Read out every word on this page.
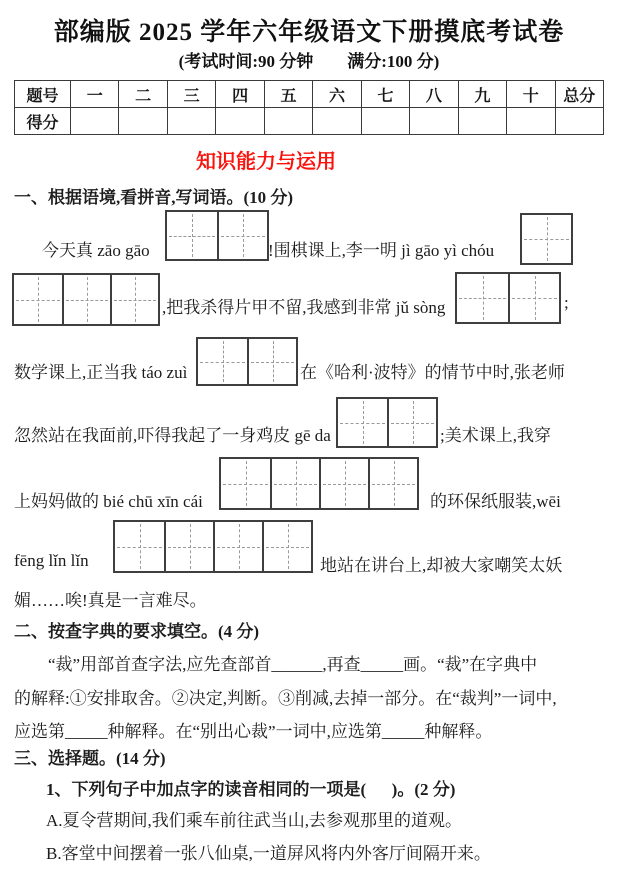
部编版 2025 学年六年级语文下册摸底考试卷
(考试时间:90 分钟　　满分:100 分)
题号	一	二	三	四	五	六	七	八	九	十	总分
得分											
知识能力与运用
一、根据语境,看拼音,写词语。(10 分)
今天真 zāo gāo	!围棋课上,李一明 jì gāo yì chóu
,把我杀得片甲不留,我感到非常 jǔ sòng	;
数学课上,正当我 táo zuì	在《哈利·波特》的情节中时,张老师
忽然站在我面前,吓得我起了一身鸡皮 gē da	;美术课上,我穿
上妈妈做的 bié chū xīn cái	的环保纸服装,wēi
fēng lǐn lǐn	地站在讲台上,却被大家嘲笑太妖
媚……唉!真是一言难尽。
二、按查字典的要求填空。(4 分)
“裁”用部首查字法,应先查部首______,再查_____画。“裁”在字典中
的解释:①安排取舍。②决定,判断。③削减,去掉一部分。在“裁判”一词中,
应选第_____种解释。在“别出心裁”一词中,应选第_____种解释。
三、选择题。(14 分)
1、下列句子中加点字的读音相同的一项是(      )。(2 分)
A.夏令营期间,我们乘车前往武当山,去参观那里的道观。
B.客堂中间摆着一张八仙桌,一道屏风将内外客厅间隔开来。
